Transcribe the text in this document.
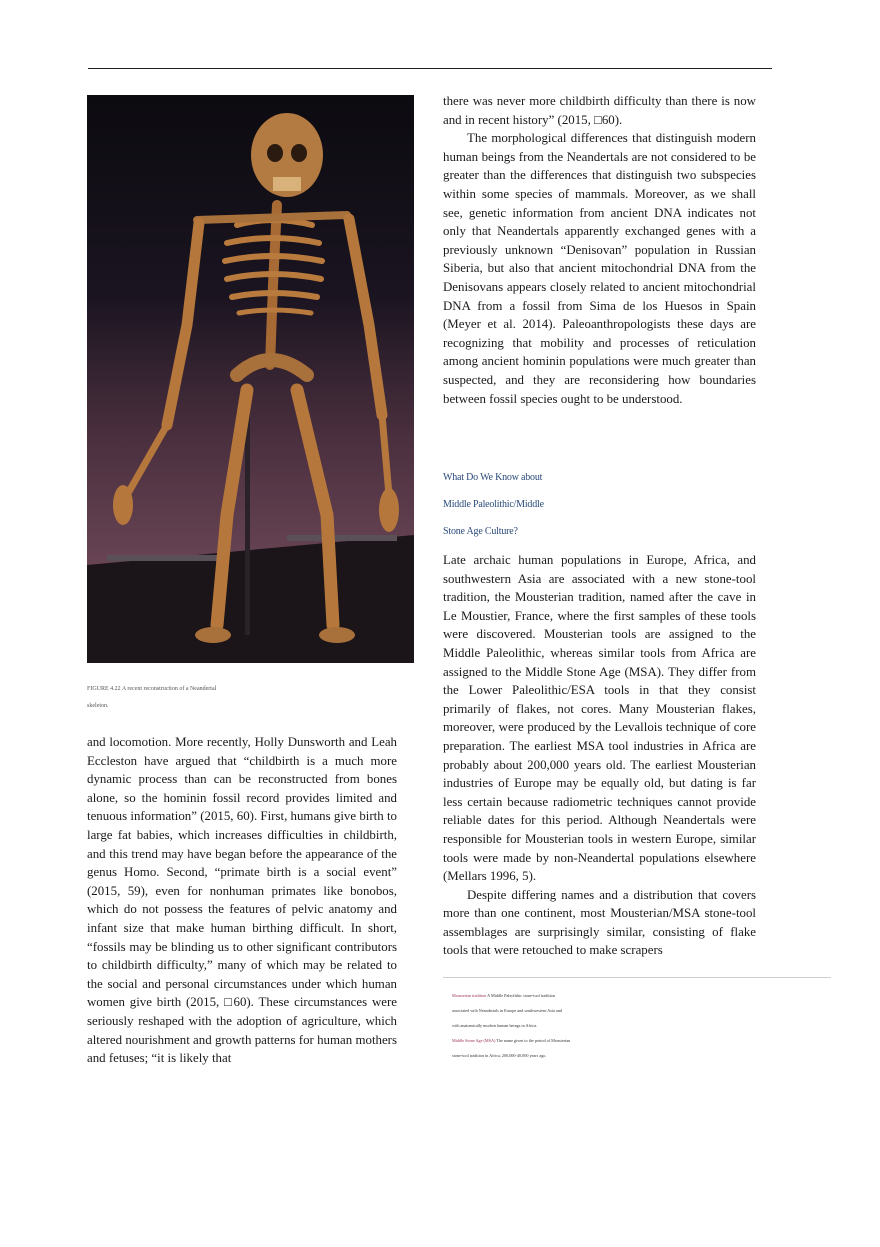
FIGURE 4.22 A recent reconstruction of a Neandertal
skeleton.

there was never more childbirth difficulty than there is now and in recent history” (2015, □60).

The morphological differences that distinguish modern human beings from the Neandertals are not considered to be greater than the differences that distinguish two subspecies within some species of mammals. Moreover, as we shall see, genetic information from ancient DNA indicates not only that Neandertals apparently exchanged genes with a previously unknown “Denisovan” population in Russian Siberia, but also that ancient mitochondrial DNA from the Denisovans appears closely related to ancient mitochondrial DNA from a fossil from Sima de los Huesos in Spain (Meyer et al. 2014). Paleoanthropologists these days are recognizing that mobility and processes of reticulation among ancient hominin populations were much greater than suspected, and they are reconsidering how boundaries between fossil species ought to be understood.

What Do We Know about
Middle Paleolithic/Middle
Stone Age Culture?

Late archaic human populations in Europe, Africa, and southwestern Asia are associated with a new stone-tool tradition, the Mousterian tradition, named after the cave in Le Moustier, France, where the first samples of these tools were discovered. Mousterian tools are assigned to the Middle Paleolithic, whereas similar tools from Africa are assigned to the Middle Stone Age (MSA). They differ from the Lower Paleolithic/ESA tools in that they consist primarily of flakes, not cores. Many Mousterian flakes, moreover, were produced by the Levallois technique of core preparation. The earliest MSA tool industries in Africa are probably about 200,000 years old. The earliest Mousterian industries of Europe may be equally old, but dating is far less certain because radiometric techniques cannot provide reliable dates for this period. Although Neandertals were responsible for Mousterian tools in western Europe, similar tools were made by non-Neandertal populations elsewhere (Mellars 1996, 5).

Despite differing names and a distribution that covers more than one continent, most Mousterian/MSA stone-tool assemblages are surprisingly similar, consisting of flake tools that were retouched to make scrapers

and locomotion. More recently, Holly Dunsworth and Leah Eccleston have argued that “childbirth is a much more dynamic process than can be reconstructed from bones alone, so the hominin fossil record provides limited and tenuous information” (2015, 60). First, humans give birth to large fat babies, which increases difficulties in childbirth, and this trend may have began before the appearance of the genus Homo. Second, “primate birth is a social event” (2015, 59), even for nonhuman primates like bonobos, which do not possess the features of pelvic anatomy and infant size that make human birthing difficult. In short, “fossils may be blinding us to other significant contributors to childbirth difficulty,” many of which may be related to the social and personal circumstances under which human women give birth (2015, □60). These circumstances were seriously reshaped with the adoption of agriculture, which altered nourishment and growth patterns for human mothers and fetuses; “it is likely that

Mousterian tradition A Middle Paleolithic stone-tool tradition
associated with Neandertals in Europe and southwestern Asia and
with anatomically modern human beings in Africa.
Middle Stone Age (MSA) The name given to the period of Mousterian
stone-tool tradition in Africa, 200,000-40,000 years ago.
